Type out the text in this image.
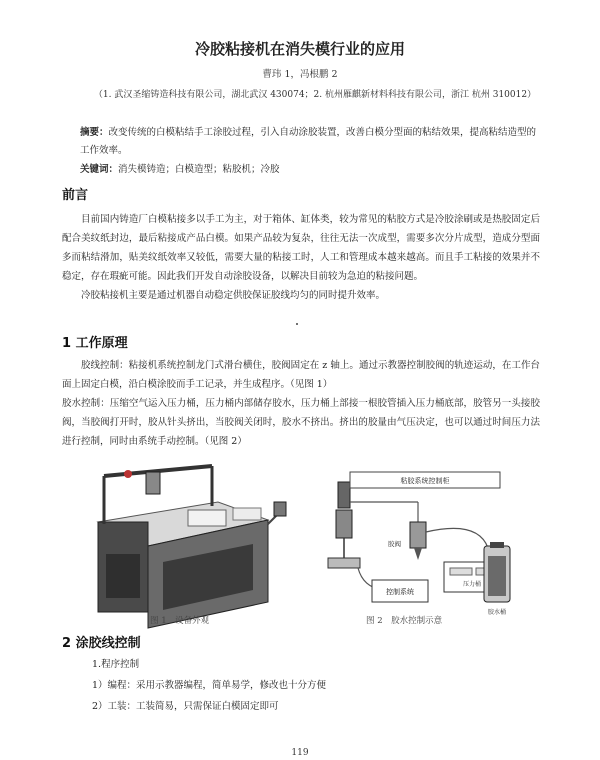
冷胶粘接机在消失模行业的应用
曹玮 1，冯根鹏 2
（1. 武汉圣缩铸造科技有限公司，湖北武汉 430074；2. 杭州雁麒新材料科技有限公司，浙江 杭州 310012）
摘要：改变传统的白模粘结手工涂胶过程，引入自动涂胶装置，改善白模分型面的粘结效果，提高粘结造型的工作效率。
关键词：消失模铸造；白模造型；粘胶机；冷胶
前言

目前国内铸造厂白模粘接多以手工为主，对于箱体、缸体类，较为常见的粘胶方式是冷胶涂刷或是热胶固定后配合美纹纸封边，最后粘接成产品白模。如果产品较为复杂，往往无法一次成型，需要多次分片成型，造成分型面多而粘结滑加，贴美纹纸效率又较低，需要大量的粘接工时，人工和管理成本越来越高。而且手工粘接的效果并不稳定，存在瑕疵可能。因此我们开发自动涂胶设备，以解决目前较为急迫的粘接问题。

冷胶粘接机主要是通过机器自动稳定供胶保证胶线均匀的同时提升效率。

1 工作原理

胶线控制：粘接机系统控制龙门式滑台横住，胶阀固定在 z 轴上。通过示教器控制胶阀的轨迹运动，在工作台面上固定白模，沿白模涂胶而手工记录，并生成程序。（见图 1）

胶水控制：压缩空气运入压力桶，压力桶内部储存胶水，压力桶上部接一根胶管插入压力桶底部，胶管另一头接胶阀，当胶阀打开时，胶从针头挤出，当胶阀关闭时，胶水不挤出。挤出的胶量由气压决定，也可以通过时间压力法进行控制，同时由系统手动控制。（见图 2）

粘胶系统控制柜
胶阀
控制系统
压力桶
胶水桶
图 1　设备外观	图 2　胶水控制示意
2 涂胶线控制
1.程序控制
1）编程：采用示教器编程，简单易学，修改也十分方便
2）工装：工装简易，只需保证白模固定即可
119
